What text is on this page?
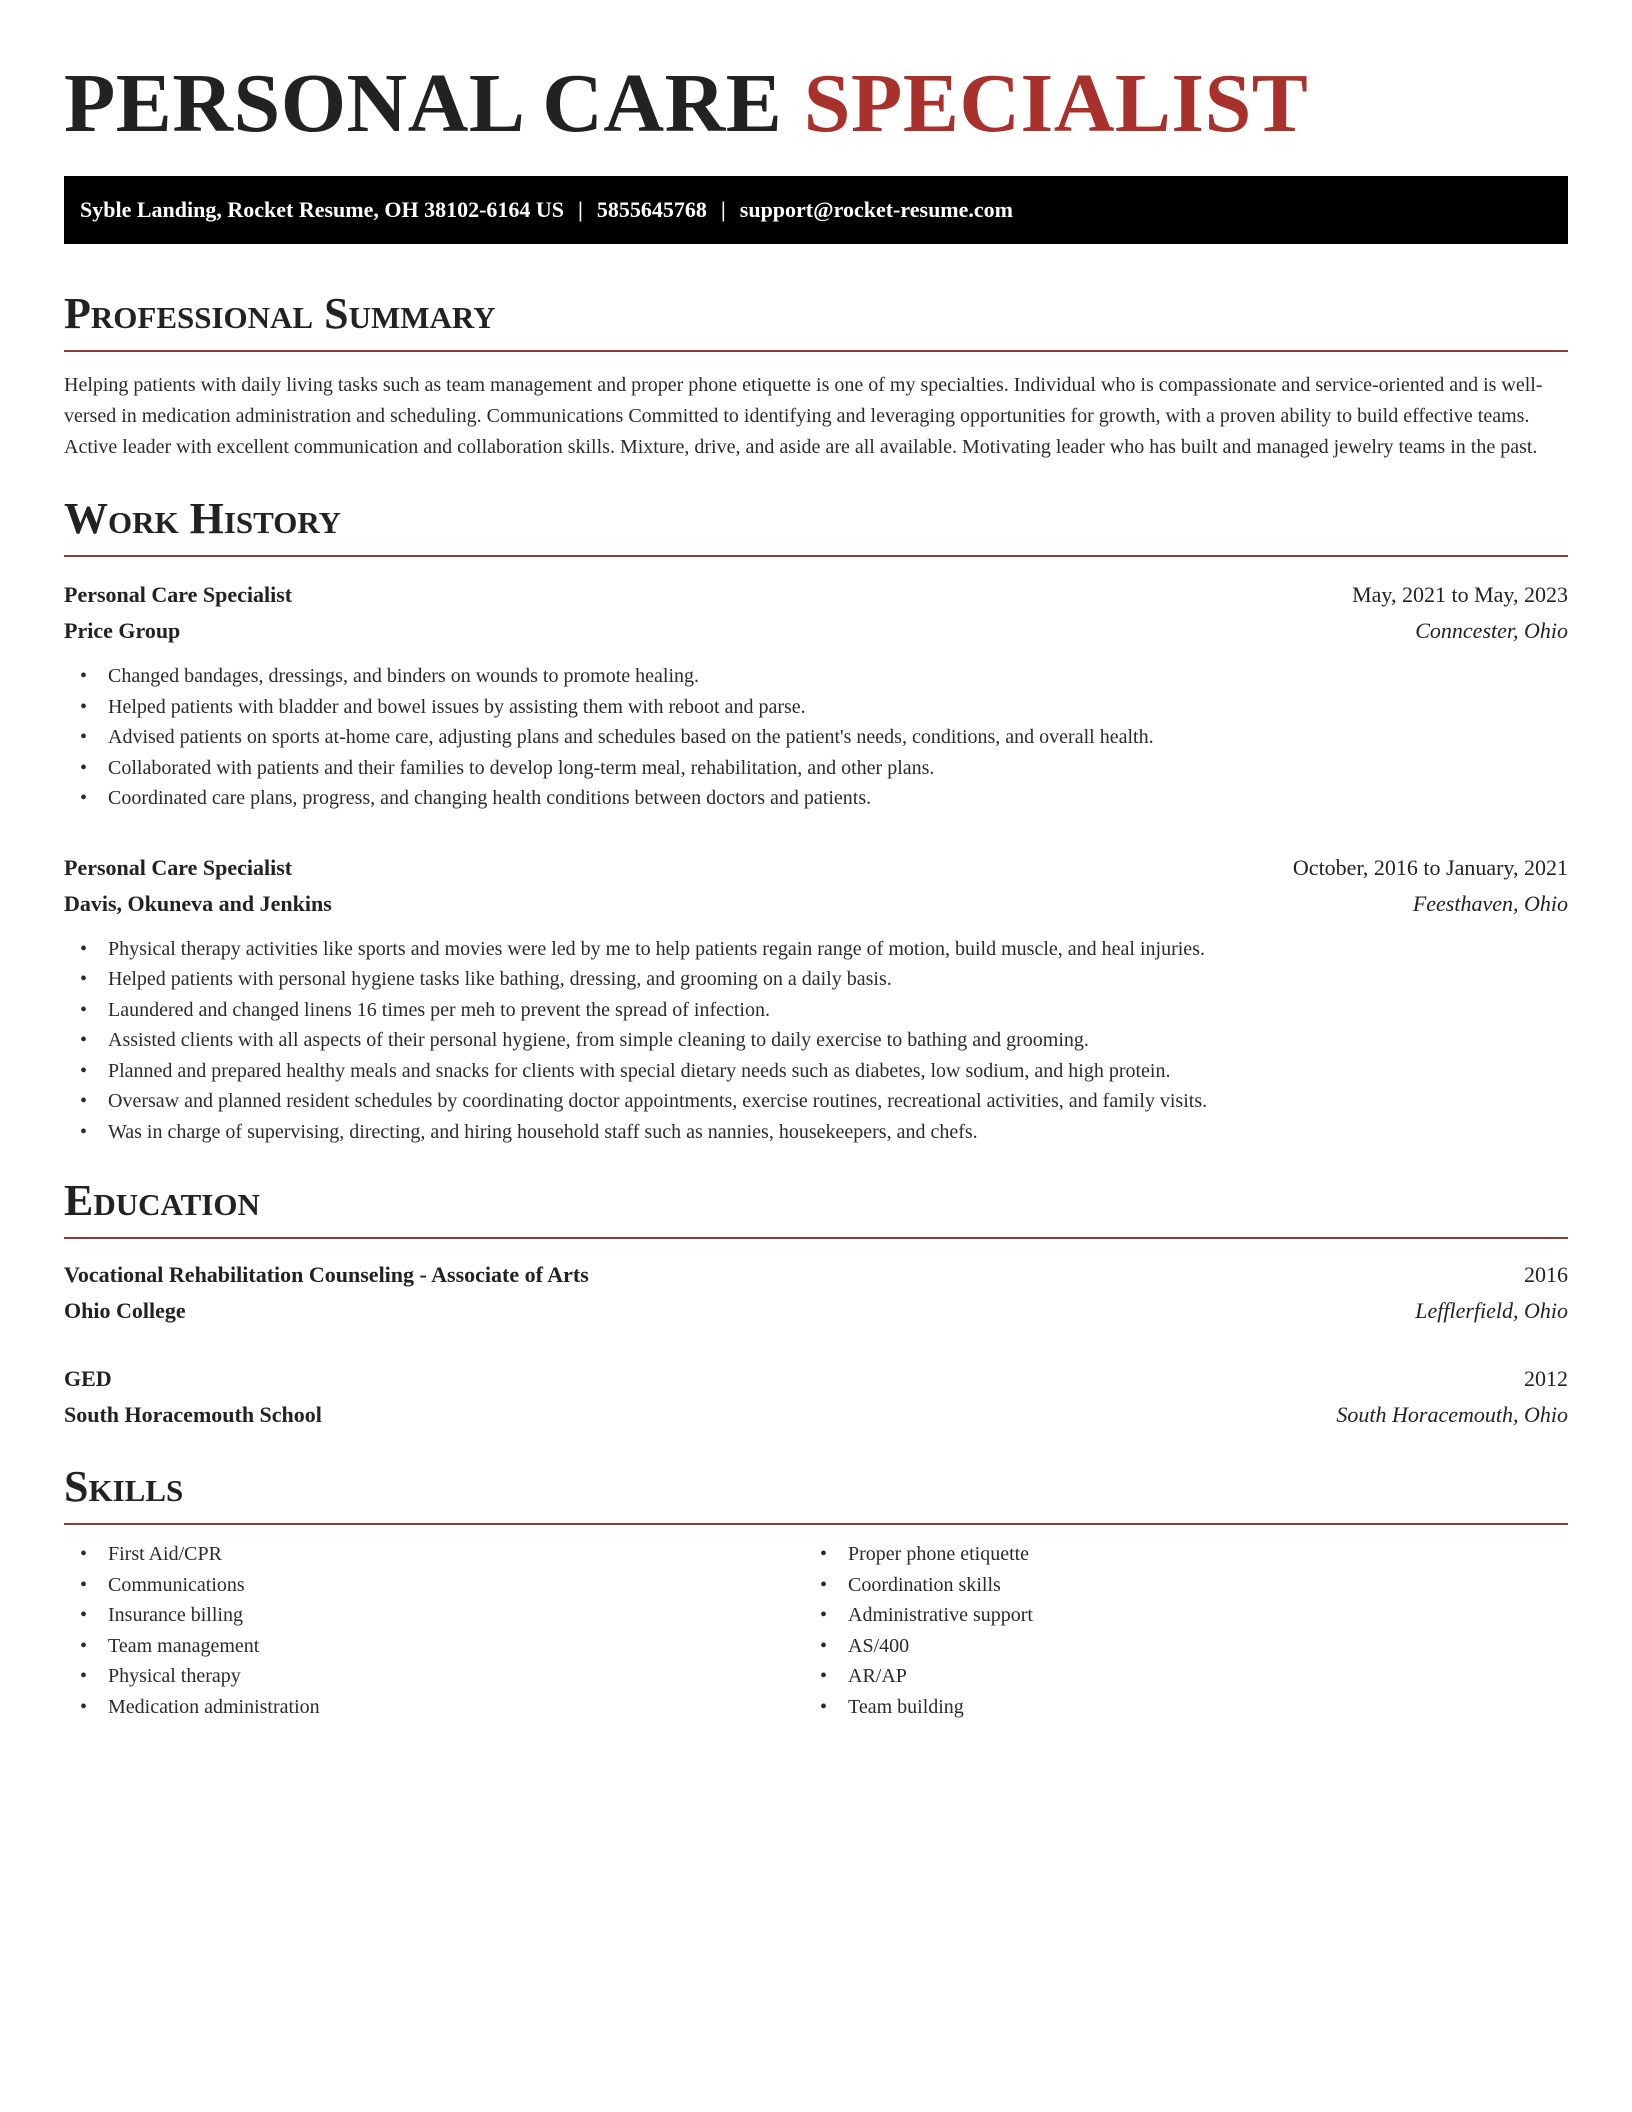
PERSONAL CARE SPECIALIST
Syble Landing, Rocket Resume, OH 38102-6164 US | 5855645768 | support@rocket-resume.com
Professional Summary

Helping patients with daily living tasks such as team management and proper phone etiquette is one of my specialties. Individual who is compassionate and service-oriented and is well-versed in medication administration and scheduling. Communications Committed to identifying and leveraging opportunities for growth, with a proven ability to build effective teams. Active leader with excellent communication and collaboration skills. Mixture, drive, and aside are all available. Motivating leader who has built and managed jewelry teams in the past.

Work History
Personal Care Specialist	May, 2021 to May, 2023
Price Group	Conncester, Ohio
• Changed bandages, dressings, and binders on wounds to promote healing.
• Helped patients with bladder and bowel issues by assisting them with reboot and parse.
• Advised patients on sports at-home care, adjusting plans and schedules based on the patient's needs, conditions, and overall health.
• Collaborated with patients and their families to develop long-term meal, rehabilitation, and other plans.
• Coordinated care plans, progress, and changing health conditions between doctors and patients.
Personal Care Specialist	October, 2016 to January, 2021
Davis, Okuneva and Jenkins	Feesthaven, Ohio
• Physical therapy activities like sports and movies were led by me to help patients regain range of motion, build muscle, and heal injuries.
• Helped patients with personal hygiene tasks like bathing, dressing, and grooming on a daily basis.
• Laundered and changed linens 16 times per meh to prevent the spread of infection.
• Assisted clients with all aspects of their personal hygiene, from simple cleaning to daily exercise to bathing and grooming.
• Planned and prepared healthy meals and snacks for clients with special dietary needs such as diabetes, low sodium, and high protein.
• Oversaw and planned resident schedules by coordinating doctor appointments, exercise routines, recreational activities, and family visits.
• Was in charge of supervising, directing, and hiring household staff such as nannies, housekeepers, and chefs.
Education
Vocational Rehabilitation Counseling - Associate of Arts	2016
Ohio College	Lefflerfield, Ohio
GED	2012
South Horacemouth School	South Horacemouth, Ohio
Skills
• First Aid/CPR
• Communications
• Insurance billing
• Team management
• Physical therapy
• Medication administration
• Proper phone etiquette
• Coordination skills
• Administrative support
• AS/400
• AR/AP
• Team building
